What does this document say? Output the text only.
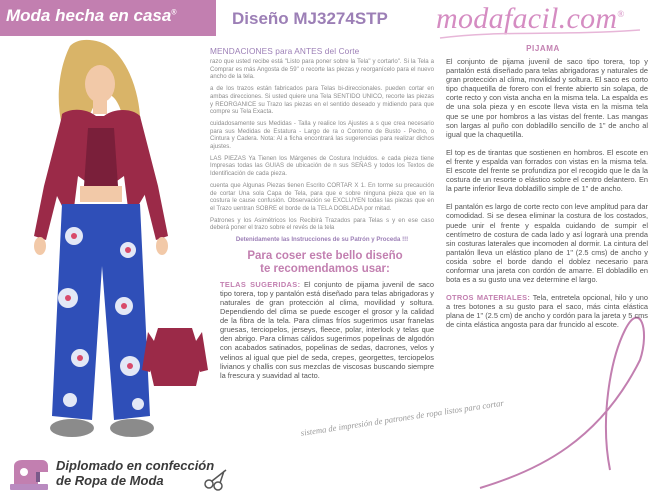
Moda hecha en casa®	Diseño MJ3274STP modafacil.com®
MENDACIONES para ANTES del Corte

razo que usted recibe está "Listo para poner sobre la Tela" y cortarlo". Si la Tela a Comprar es más Angosta de 59" o recorte las piezas y reorganícelo para el nuevo ancho de la tela.

a de los trazos están fabricados para Telas bi-direccionales. pueden cortar en ambas direcciones. Si usted quiere una Tela SENTIDO UNICO, recorte las piezas y REORGANICE su Trazo las piezas en el sentido deseado y midiendo para que compre su Tela Exacta.

cuidadosamente sus Medidas - Talla y realice los Ajustes a s que crea necesario para sus Medidas de Estatura - Largo de ra o Contorno de Busto - Pecho, o Cintura y Cadera. Nota: Al a ficha encontrará las sugerencias para realizar dichos ajustes.

LAS PIEZAS Ya Tienen los Márgenes de Costura Incluidos. e cada pieza tiene Impresas todas las GUIAS de ubicación de n sus SEÑAS y todos los Textos de Identificación de cada pieza.

cuenta que Algunas Piezas tienen Escrito CORTAR X 1. En torme su precaución de cortar Una sola Capa de Tela, para que e sobre ninguna pieza que en la costura le cause confusión. Observación se EXCLUYEN todas las piezas que en el Trazo uentran SOBRE el borde de la TELA DOBLADA por mitad.

Patrones y los Asimétricos los Recibirá Trazados para Telas s y en ese caso deberá poner el trazo sobre el revés de la tela

Detenidamente las Instrucciones de su Patrón y Proceda !!!

Para coser este bello diseño
te recomendamos usar:

TELAS SUGERIDAS: El conjunto de pijama juvenil de saco tipo torera, top y pantalón está diseñado para telas abrigadoras y naturales de gran protección al clima, movilidad y soltura. Dependiendo del clima se puede escoger el grosor y la calidad de la fibra de la tela. Para climas fríos sugerimos usar franelas gruesas, terciopelos, jerseys, fleece, polar, interlock y telas que den abrigo. Para climas cálidos sugerimos popelinas de algodón con acabados satinados, popelinas de sedas, dacrones, velos y velinos al igual que piel de seda, crepes, georgettes, terciopelos livianos y challis con sus mezclas de viscosas buscando siempre la frescura y suavidad al tacto.

PIJAMA

El conjunto de pijama juvenil de saco tipo torera, top y pantalón está diseñado para telas abrigadoras y naturales de gran protección al clima, movilidad y soltura. El saco es corto tipo chaquetilla de forero con el frente abierto sin solapa, de corte recto y con vista ancha en la misma tela. La espalda es de una sola pieza y en escote lleva vista en la misma tela que se une por hombros a las vistas del frente. Las mangas son largas al puño con dobladillo sencillo de 1" de ancho al igual que la chaquetilla.

El top es de tirantas que sostienen en hombros. El escote en el frente y espalda van forrados con vistas en la misma tela. El escote del frente se profundiza por el recogido que le da la costura de un resorte o elástico sobre el centro delantero. En la parte inferior lleva dobladillo simple de 1" de ancho.

El pantalón es largo de corte recto con leve amplitud para dar comodidad. Si se desea eliminar la costura de los costados, puede unir el frente y espalda cuidando de sumpir el centímetro de costura de cada lado y así lograrà una prenda sin costuras laterales que incomoden al dormir. La cintura del pantalón lleva un elástico plano de 1" (2.5 cms) de ancho y cosida sobre el borde dando el doblez necesario para conformar una jareta con cordón de amarre. El dobladillo en bota es a su gusto una vez determine el largo.

OTROS MATERIALES: Tela, entretela opcional, hilo y uno a tres botones a su gusto para el saco, más cinta elástica plana de 1" (2.5 cm) de ancho y cordón para la jareta y 5 cms de cinta elástica angosta para dar fruncido al escote.

sistema de impresión de patrones de ropa listos para cortar
Diplomado en confección
de Ropa de Moda
